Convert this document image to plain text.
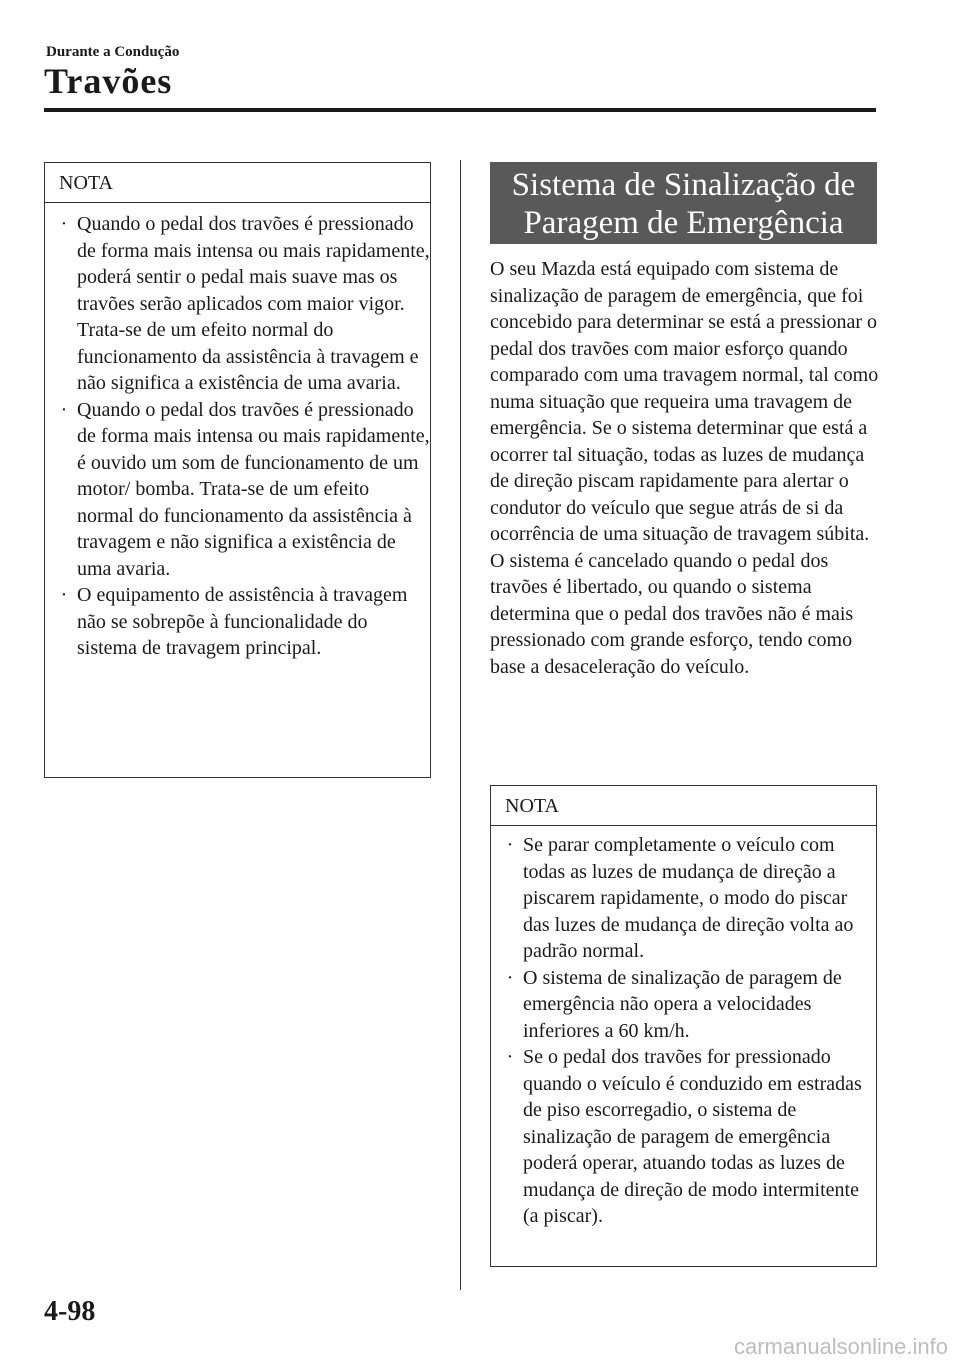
Durante a Condução
Travões
NOTA
· Quando o pedal dos travões é pressionado de forma mais intensa ou mais rapidamente, poderá sentir o pedal mais suave mas os travões serão aplicados com maior vigor. Trata-se de um efeito normal do funcionamento da assistência à travagem e não significa a existência de uma avaria.
· Quando o pedal dos travões é pressionado de forma mais intensa ou mais rapidamente, é ouvido um som de funcionamento de um motor/ bomba. Trata-se de um efeito normal do funcionamento da assistência à travagem e não significa a existência de uma avaria.
· O equipamento de assistência à travagem não se sobrepõe à funcionalidade do sistema de travagem principal.
Sistema de Sinalização de Paragem de Emergência

O seu Mazda está equipado com sistema de sinalização de paragem de emergência, que foi concebido para determinar se está a pressionar o pedal dos travões com maior esforço quando comparado com uma travagem normal, tal como numa situação que requeira uma travagem de emergência. Se o sistema determinar que está a ocorrer tal situação, todas as luzes de mudança de direção piscam rapidamente para alertar o condutor do veículo que segue atrás de si da ocorrência de uma situação de travagem súbita.

O sistema é cancelado quando o pedal dos travões é libertado, ou quando o sistema determina que o pedal dos travões não é mais pressionado com grande esforço, tendo como base a desaceleração do veículo.

NOTA
· Se parar completamente o veículo com todas as luzes de mudança de direção a piscarem rapidamente, o modo do piscar das luzes de mudança de direção volta ao padrão normal.
· O sistema de sinalização de paragem de emergência não opera a velocidades inferiores a 60 km/h.
· Se o pedal dos travões for pressionado quando o veículo é conduzido em estradas de piso escorregadio, o sistema de sinalização de paragem de emergência poderá operar, atuando todas as luzes de mudança de direção de modo intermitente (a piscar).
4-98
carmanualsonline.info
